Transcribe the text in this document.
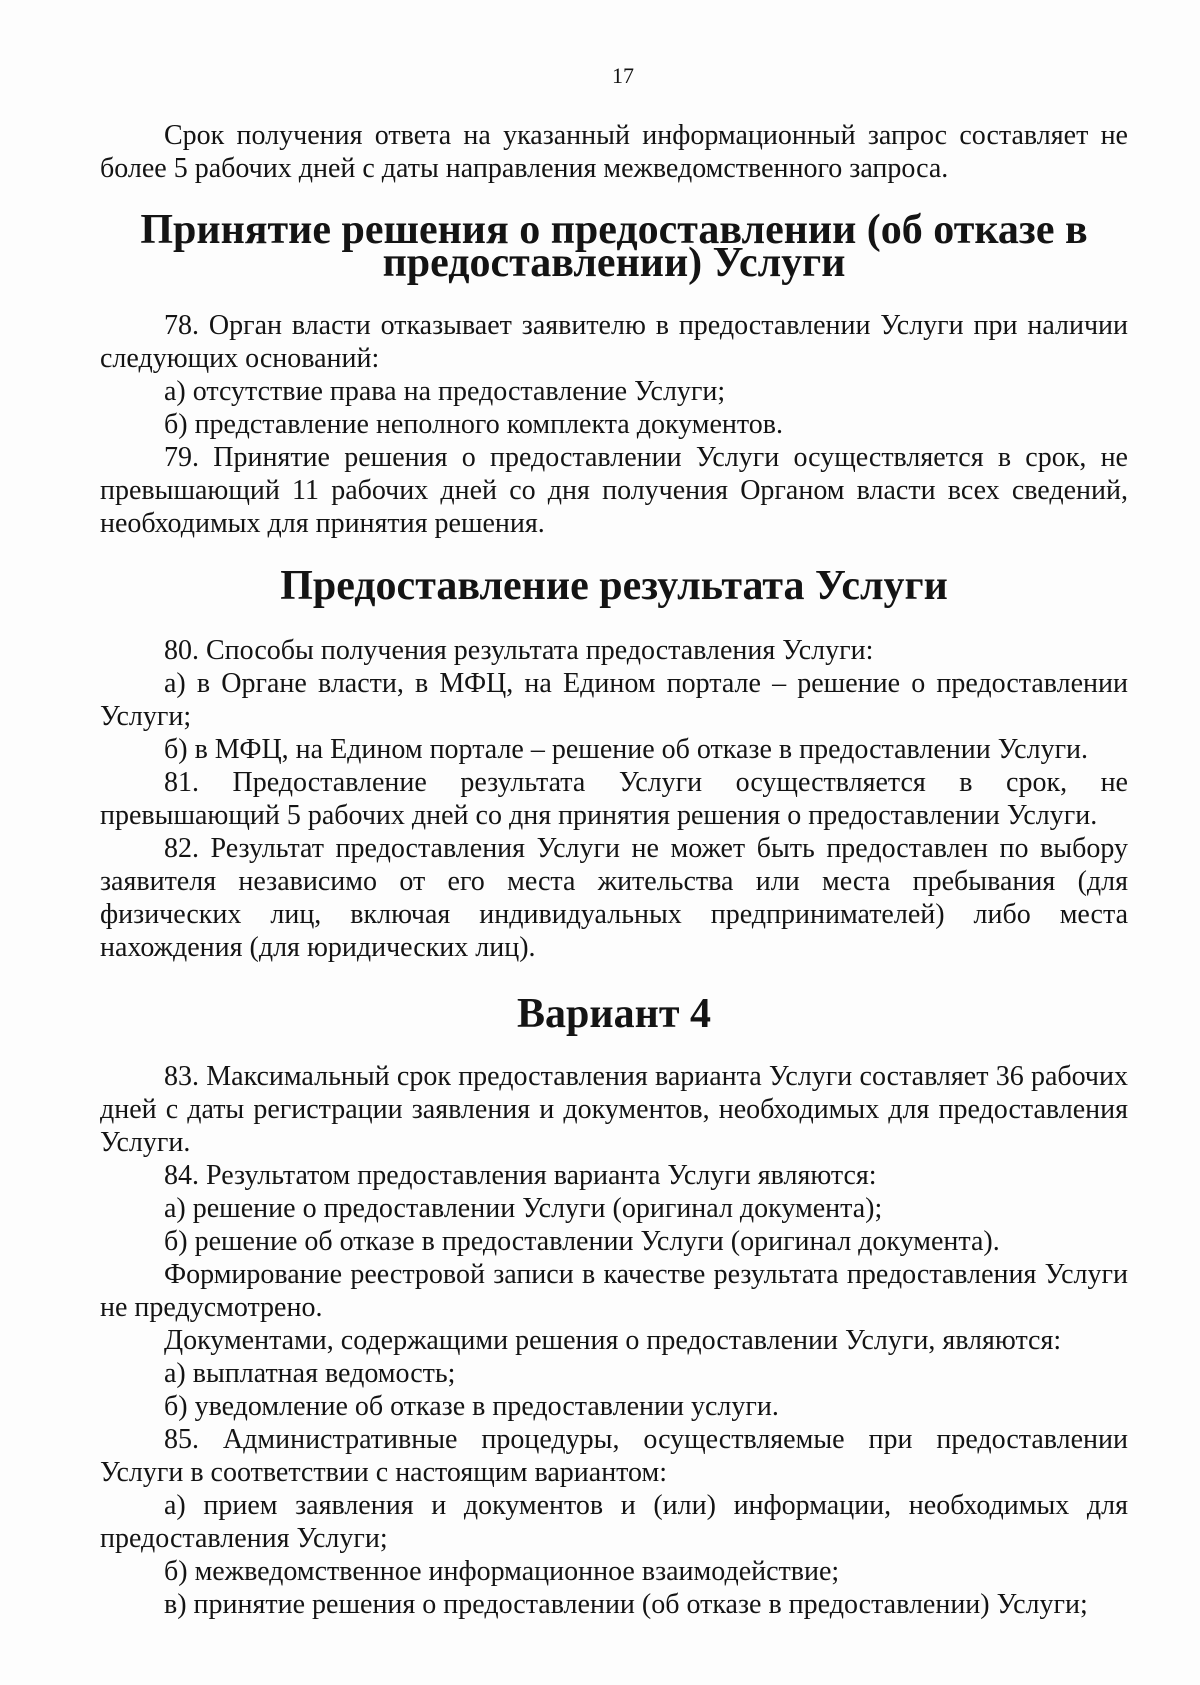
17

Срок получения ответа на указанный информационный запрос составляет не более 5 рабочих дней с даты направления межведомственного запроса.

Принятие решения о предоставлении (об отказе в предоставлении) Услуги

78. Орган власти отказывает заявителю в предоставлении Услуги при наличии следующих оснований:

а) отсутствие права на предоставление Услуги;

б) представление неполного комплекта документов.

79. Принятие решения о предоставлении Услуги осуществляется в срок, не превышающий 11 рабочих дней со дня получения Органом власти всех сведений, необходимых для принятия решения.

Предоставление результата Услуги

80. Способы получения результата предоставления Услуги:

а) в Органе власти, в МФЦ, на Едином портале – решение о предоставлении Услуги;

б) в МФЦ, на Едином портале – решение об отказе в предоставлении Услуги.

81. Предоставление результата Услуги осуществляется в срок, не превышающий 5 рабочих дней со дня принятия решения о предоставлении Услуги.

82. Результат предоставления Услуги не может быть предоставлен по выбору заявителя независимо от его места жительства или места пребывания (для физических лиц, включая индивидуальных предпринимателей) либо места нахождения (для юридических лиц).

Вариант 4

83. Максимальный срок предоставления варианта Услуги составляет 36 рабочих дней с даты регистрации заявления и документов, необходимых для предоставления Услуги.

84. Результатом предоставления варианта Услуги являются:

а) решение о предоставлении Услуги (оригинал документа);

б) решение об отказе в предоставлении Услуги (оригинал документа).

Формирование реестровой записи в качестве результата предоставления Услуги не предусмотрено.

Документами, содержащими решения о предоставлении Услуги, являются:

а) выплатная ведомость;

б) уведомление об отказе в предоставлении услуги.

85. Административные процедуры, осуществляемые при предоставлении Услуги в соответствии с настоящим вариантом:

а) прием заявления и документов и (или) информации, необходимых для предоставления Услуги;

б) межведомственное информационное взаимодействие;

в) принятие решения о предоставлении (об отказе в предоставлении) Услуги;
